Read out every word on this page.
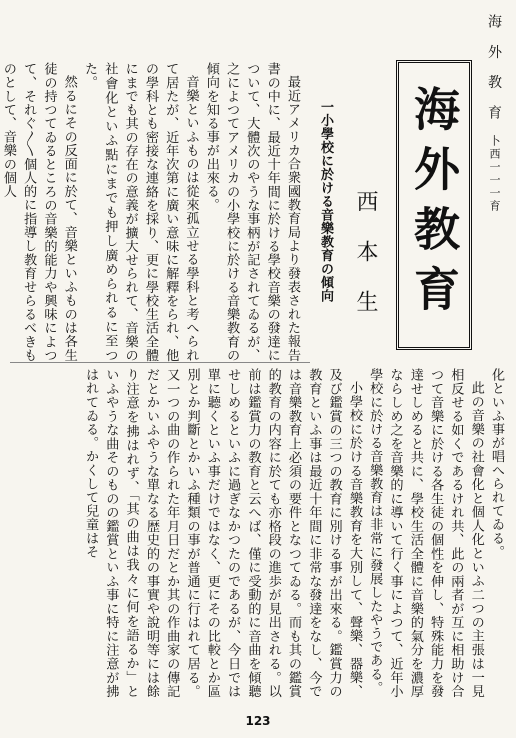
海 外 教 育卜西一一一育
海外教育
西本生
一小學校に於ける音樂教育の傾向

最近アメリカ合衆國教育局より發表された報告書の中に、最近十年間に於ける學校音樂の發達について、大體次のやうな事柄が記されてゐるが、之によつてアメリカの小學校に於ける音樂教育の傾向を知る事が出來る。

音樂といふものは從來孤立せる學科と考へられて居たが、近年次第に廣い意味に解釋をられ、他の學科とも密接な連絡を採り、更に學校生活全體にまでも其の存在の意義が擴大せられて、音樂の社會化といふ點にまでも押し廣められるに至つた。

然るにその反面に於て、音樂といふものは各生徒の持つてゐるところの音樂的能力や興味によつて、それぐ〳〵個人的に指導し教育せらるべきものとして、音樂の個人

化といふ事が唱へられてゐる。

此の音樂の社會化と個人化といふ二つの主張は一見相反せる如くであるけれ共、此の兩者が互に相助け合つて音樂に於ける各生徒の個性を伸し、特殊能力を發達せしめると共に、學校生活全體に音樂的氣分を濃厚ならしめ之を音樂的に導いて行く事によつて、近年小學校に於ける音樂教育は非常に發展したやうである。

小學校に於ける音樂教育を大別して、聲樂、器樂、及び鑑賞の三つの教育に別ける事が出來る。鑑賞力の教育といふ事は最近十年間に非常な發達をなし、今では音樂教育上必須の要件となつてゐる。而も其の鑑賞的教育の内容に於ても亦格段の進歩が見出される。以前は鑑賞力の教育と云へば、僅に受動的に音曲を傾聽せしめるといふに過ぎなかつたのであるが、今日では單に聽くといふ事だけではなく、更にその比較とか區別とか判斷とかいふ種類の事が普通に行はれて居る。又一つの曲の作られた年月日だとか其の作曲家の傳記だとかいふやうな單なる歴史的の事實や說明等には餘り注意を拂はれず、「其の曲は我々に何を語るか」といふやうな曲そのものの鑑賞といふ事に特に注意が拂はれてゐる。かくして兒童はそ

123
